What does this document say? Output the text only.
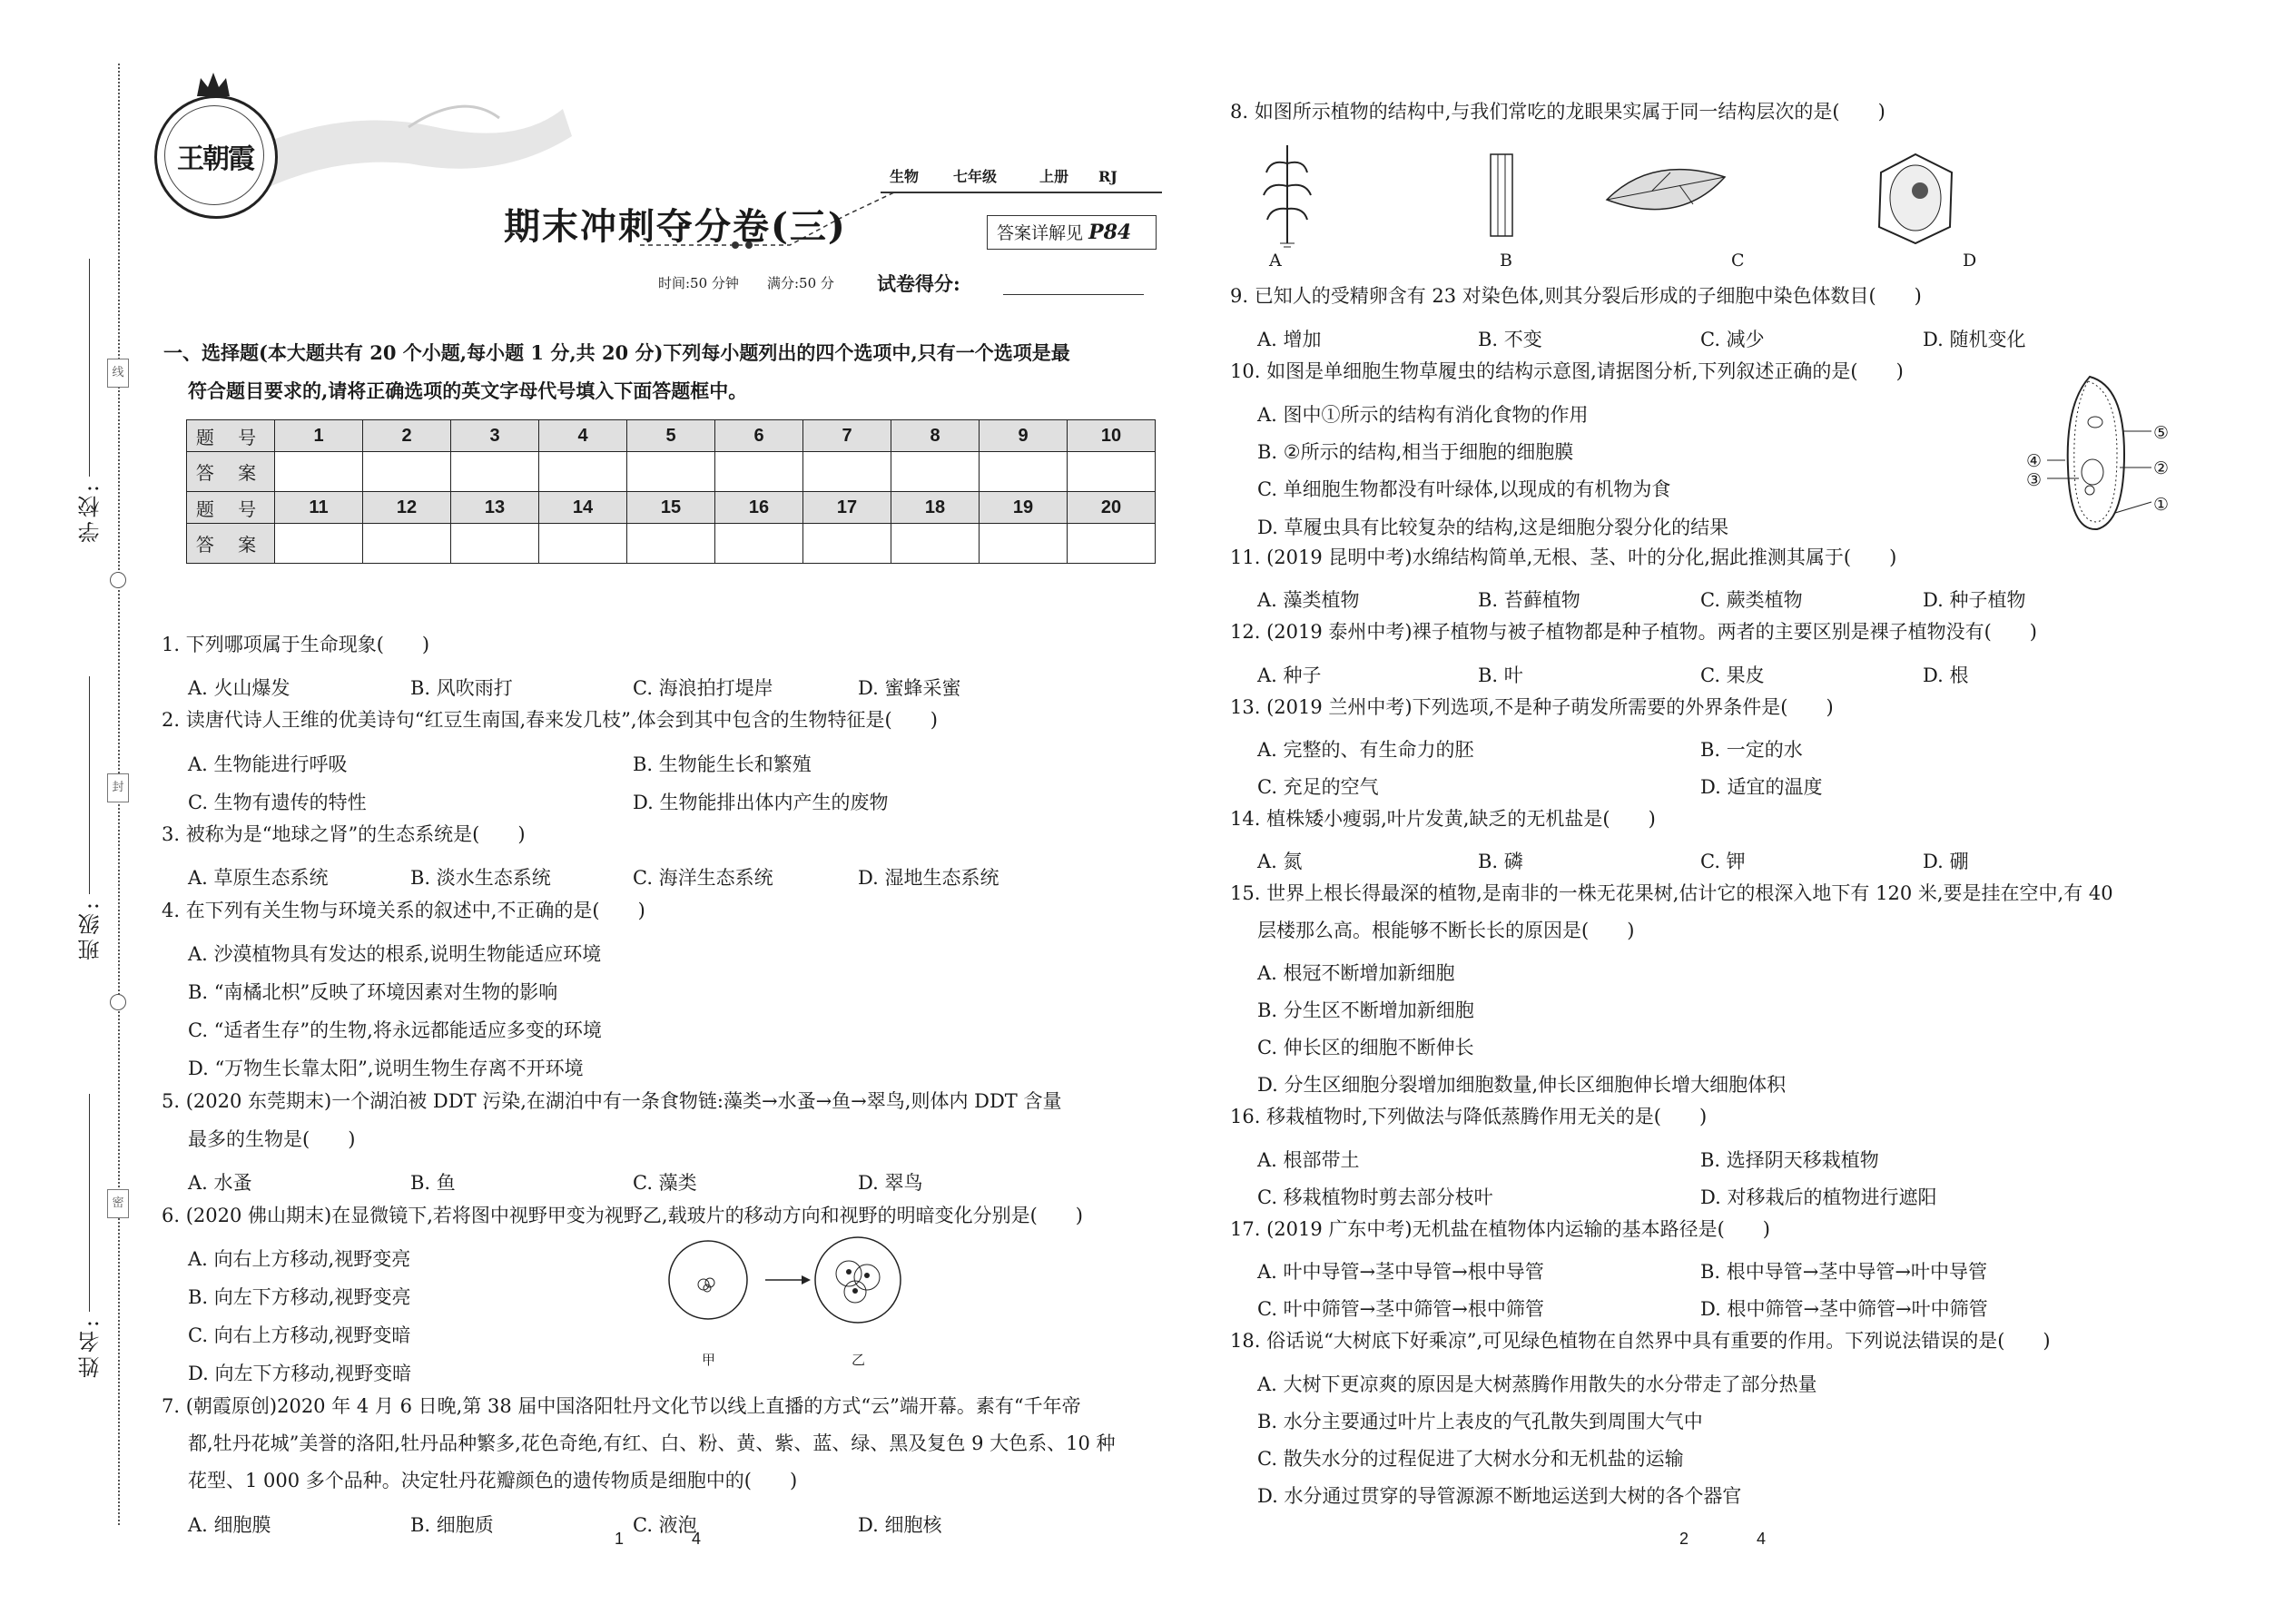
线
封
密
学校:
班级:
姓名:
王朝霞
生物 七年级	上册 RJ
期末冲刺夺分卷(三)	答案详解见 P84
时间:50 分钟 满分:50 分 试卷得分:
一、选择题(本大题共有 20 个小题,每小题 1 分,共 20 分)下列每小题列出的四个选项中,只有一个选项是最
符合题目要求的,请将正确选项的英文字母代号填入下面答题框中。
题 号	1	2	3	4	5	6	7	8	9	10
答 案										
题 号	11	12	13	14	15	16	17	18	19	20
答 案										
1. 下列哪项属于生命现象(　　)
A. 火山爆发	B. 风吹雨打	C. 海浪拍打堤岸	D. 蜜蜂采蜜
2. 读唐代诗人王维的优美诗句“红豆生南国,春来发几枝”,体会到其中包含的生物特征是(　　)
A. 生物能进行呼吸	B. 生物能生长和繁殖
C. 生物有遗传的特性	D. 生物能排出体内产生的废物
3. 被称为是“地球之肾”的生态系统是(　　)
A. 草原生态系统	B. 淡水生态系统	C. 海洋生态系统	D. 湿地生态系统
4. 在下列有关生物与环境关系的叙述中,不正确的是(　　)
A. 沙漠植物具有发达的根系,说明生物能适应环境
B. “南橘北枳”反映了环境因素对生物的影响
C. “适者生存”的生物,将永远都能适应多变的环境
D. “万物生长靠太阳”,说明生物生存离不开环境
5. (2020 东莞期末)一个湖泊被 DDT 污染,在湖泊中有一条食物链:藻类→水蚤→鱼→翠鸟,则体内 DDT 含量
最多的生物是(　　)
A. 水蚤	B. 鱼	C. 藻类	D. 翠鸟
6. (2020 佛山期末)在显微镜下,若将图中视野甲变为视野乙,载玻片的移动方向和视野的明暗变化分别是(　　)
A. 向右上方移动,视野变亮
B. 向左下方移动,视野变亮
C. 向右上方移动,视野变暗
D. 向左下方移动,视野变暗
甲	乙
7. (朝霞原创)2020 年 4 月 6 日晚,第 38 届中国洛阳牡丹文化节以线上直播的方式“云”端开幕。素有“千年帝
都,牡丹花城”美誉的洛阳,牡丹品种繁多,花色奇绝,有红、白、粉、黄、紫、蓝、绿、黑及复色 9 大色系、10 种
花型、1 000 多个品种。决定牡丹花瓣颜色的遗传物质是细胞中的(　　)
A. 细胞膜	B. 细胞质	C. 液泡	D. 细胞核
8. 如图所示植物的结构中,与我们常吃的龙眼果实属于同一结构层次的是(　　)
A	B	C	D
9. 已知人的受精卵含有 23 对染色体,则其分裂后形成的子细胞中染色体数目(　　)
A. 增加	B. 不变	C. 减少	D. 随机变化
10. 如图是单细胞生物草履虫的结构示意图,请据图分析,下列叙述正确的是(　　)
A. 图中①所示的结构有消化食物的作用
B. ②所示的结构,相当于细胞的细胞膜
C. 单细胞生物都没有叶绿体,以现成的有机物为食
D. 草履虫具有比较复杂的结构,这是细胞分裂分化的结果
⑤
④	②
③
①
11. (2019 昆明中考)水绵结构简单,无根、茎、叶的分化,据此推测其属于(　　)
A. 藻类植物	B. 苔藓植物	C. 蕨类植物	D. 种子植物
12. (2019 泰州中考)裸子植物与被子植物都是种子植物。两者的主要区别是裸子植物没有(　　)
A. 种子	B. 叶	C. 果皮	D. 根
13. (2019 兰州中考)下列选项,不是种子萌发所需要的外界条件是(　　)
A. 完整的、有生命力的胚	B. 一定的水
C. 充足的空气	D. 适宜的温度
14. 植株矮小瘦弱,叶片发黄,缺乏的无机盐是(　　)
A. 氮	B. 磷	C. 钾	D. 硼
15. 世界上根长得最深的植物,是南非的一株无花果树,估计它的根深入地下有 120 米,要是挂在空中,有 40
层楼那么高。根能够不断长长的原因是(　　)
A. 根冠不断增加新细胞
B. 分生区不断增加新细胞
C. 伸长区的细胞不断伸长
D. 分生区细胞分裂增加细胞数量,伸长区细胞伸长增大细胞体积
16. 移栽植物时,下列做法与降低蒸腾作用无关的是(　　)
A. 根部带土	B. 选择阴天移栽植物
C. 移栽植物时剪去部分枝叶	D. 对移栽后的植物进行遮阳
17. (2019 广东中考)无机盐在植物体内运输的基本路径是(　　)
A. 叶中导管→茎中导管→根中导管	B. 根中导管→茎中导管→叶中导管
C. 叶中筛管→茎中筛管→根中筛管	D. 根中筛管→茎中筛管→叶中筛管
18. 俗话说“大树底下好乘凉”,可见绿色植物在自然界中具有重要的作用。下列说法错误的是(　　)
A. 大树下更凉爽的原因是大树蒸腾作用散失的水分带走了部分热量
B. 水分主要通过叶片上表皮的气孔散失到周围大气中
C. 散失水分的过程促进了大树水分和无机盐的运输
D. 水分通过贯穿的导管源源不断地运送到大树的各个器官
1	4	2	4
